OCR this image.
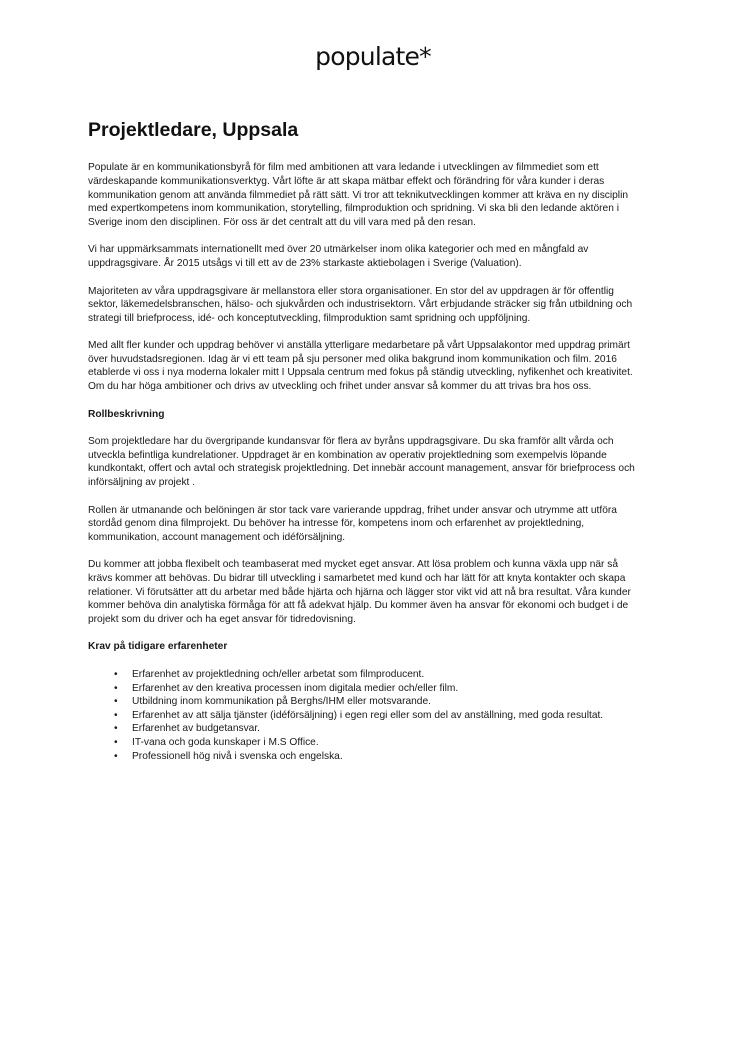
populate*
Projektledare, Uppsala

Populate är en kommunikationsbyrå för film med ambitionen att vara ledande i utvecklingen av filmmediet som ett värdeskapande kommunikationsverktyg. Vårt löfte är att skapa mätbar effekt och förändring för våra kunder i deras kommunikation genom att använda filmmediet på rätt sätt. Vi tror att teknikutvecklingen kommer att kräva en ny disciplin med expertkompetens inom kommunikation, storytelling, filmproduktion och spridning. Vi ska bli den ledande aktören i Sverige inom den disciplinen. För oss är det centralt att du vill vara med på den resan.

Vi har uppmärksammats internationellt med över 20 utmärkelser inom olika kategorier och med en mångfald av uppdragsgivare. År 2015 utsågs vi till ett av de 23% starkaste aktiebolagen i Sverige (Valuation).

Majoriteten av våra uppdragsgivare är mellanstora eller stora organisationer. En stor del av uppdragen är för offentlig sektor, läkemedelsbranschen, hälso- och sjukvården och industrisektorn. Vårt erbjudande sträcker sig från utbildning och strategi till briefprocess, idé- och konceptutveckling, filmproduktion samt spridning och uppföljning.

Med allt fler kunder och uppdrag behöver vi anställa ytterligare medarbetare på vårt Uppsalakontor med uppdrag primärt över huvudstadsregionen. Idag är vi ett team på sju personer med olika bakgrund inom kommunikation och film. 2016 etablerde vi oss i nya moderna lokaler mitt I Uppsala centrum med fokus på ständig utveckling, nyfikenhet och kreativitet. Om du har höga ambitioner och drivs av utveckling och frihet under ansvar så kommer du att trivas bra hos oss.

Rollbeskrivning

Som projektledare har du övergripande kundansvar för flera av byråns uppdragsgivare. Du ska framför allt vårda och utveckla befintliga kundrelationer. Uppdraget är en kombination av operativ projektledning som exempelvis löpande kundkontakt, offert och avtal och strategisk projektledning. Det innebär account management, ansvar för briefprocess och införsäljning av projekt .

Rollen är utmanande och belöningen är stor tack vare varierande uppdrag, frihet under ansvar och utrymme att utföra stordåd genom dina filmprojekt. Du behöver ha intresse för, kompetens inom och erfarenhet av projektledning, kommunikation, account management och idéförsäljning.

Du kommer att jobba flexibelt och teambaserat med mycket eget ansvar. Att lösa problem och kunna växla upp när så krävs kommer att behövas. Du bidrar till utveckling i samarbetet med kund och har lätt för att knyta kontakter och skapa relationer. Vi förutsätter att du arbetar med både hjärta och hjärna och lägger stor vikt vid att nå bra resultat. Våra kunder kommer behöva din analytiska förmåga för att få adekvat hjälp. Du kommer även ha ansvar för ekonomi och budget i de projekt som du driver och ha eget ansvar för tidredovisning.

Krav på tidigare erfarenheter
• Erfarenhet av projektledning och/eller arbetat som filmproducent.
• Erfarenhet av den kreativa processen inom digitala medier och/eller film.
• Utbildning inom kommunikation på Berghs/IHM eller motsvarande.
• Erfarenhet av att sälja tjänster (idéförsäljning) i egen regi eller som del av anställning, med goda resultat.
• Erfarenhet av budgetansvar.
• IT-vana och goda kunskaper i M.S Office.
• Professionell hög nivå i svenska och engelska.
